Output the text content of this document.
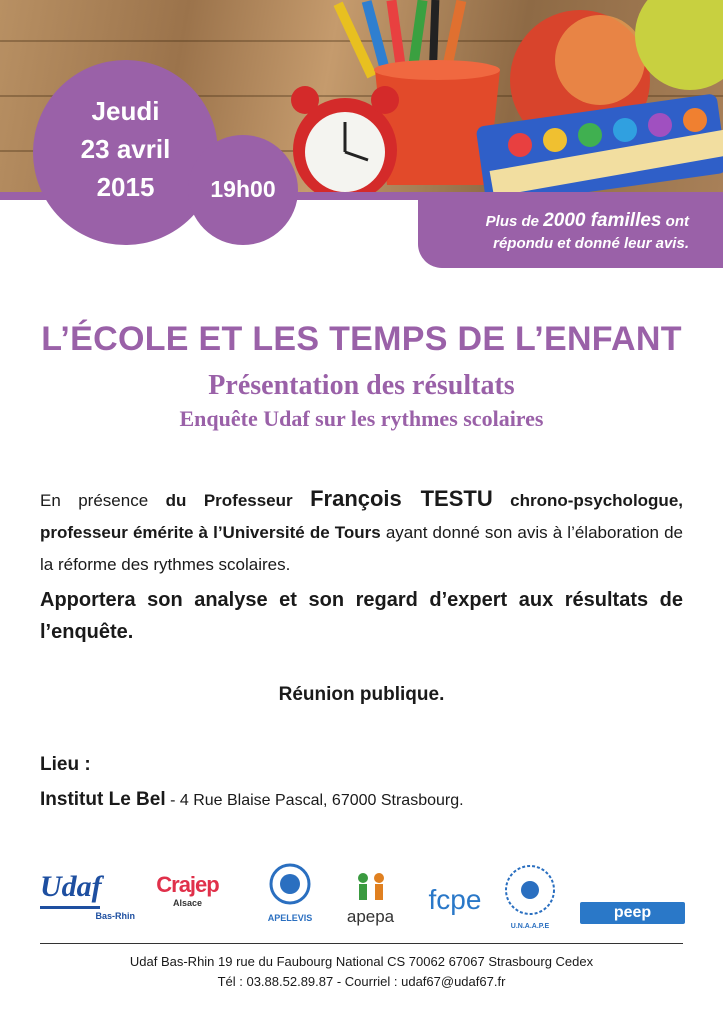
Jeudi
23 avril
2015	19h00
Plus de 2000 familles ont
répondu et donné leur avis.
L’ÉCOLE ET LES TEMPS DE L’ENFANT
Présentation des résultats
Enquête Udaf sur les rythmes scolaires
En présence du Professeur François TESTU chrono-psychologue, professeur émérite à l’Université de Tours ayant donné son avis à l’élaboration de la réforme des rythmes scolaires.
Apportera son analyse et son regard d’expert aux résultats de l’enquête.
Réunion publique.
Lieu :
Institut Le Bel - 4 Rue Blaise Pascal, 67000 Strasbourg.
Udaf
Bas-Rhin
Crajep
Alsace
APELEVIS	apepa
fcpe
U.N.A.A.P.E
peep
Udaf Bas-Rhin 19 rue du Faubourg National CS 70062 67067 Strasbourg Cedex
Tél : 03.88.52.89.87 - Courriel : udaf67@udaf67.fr
